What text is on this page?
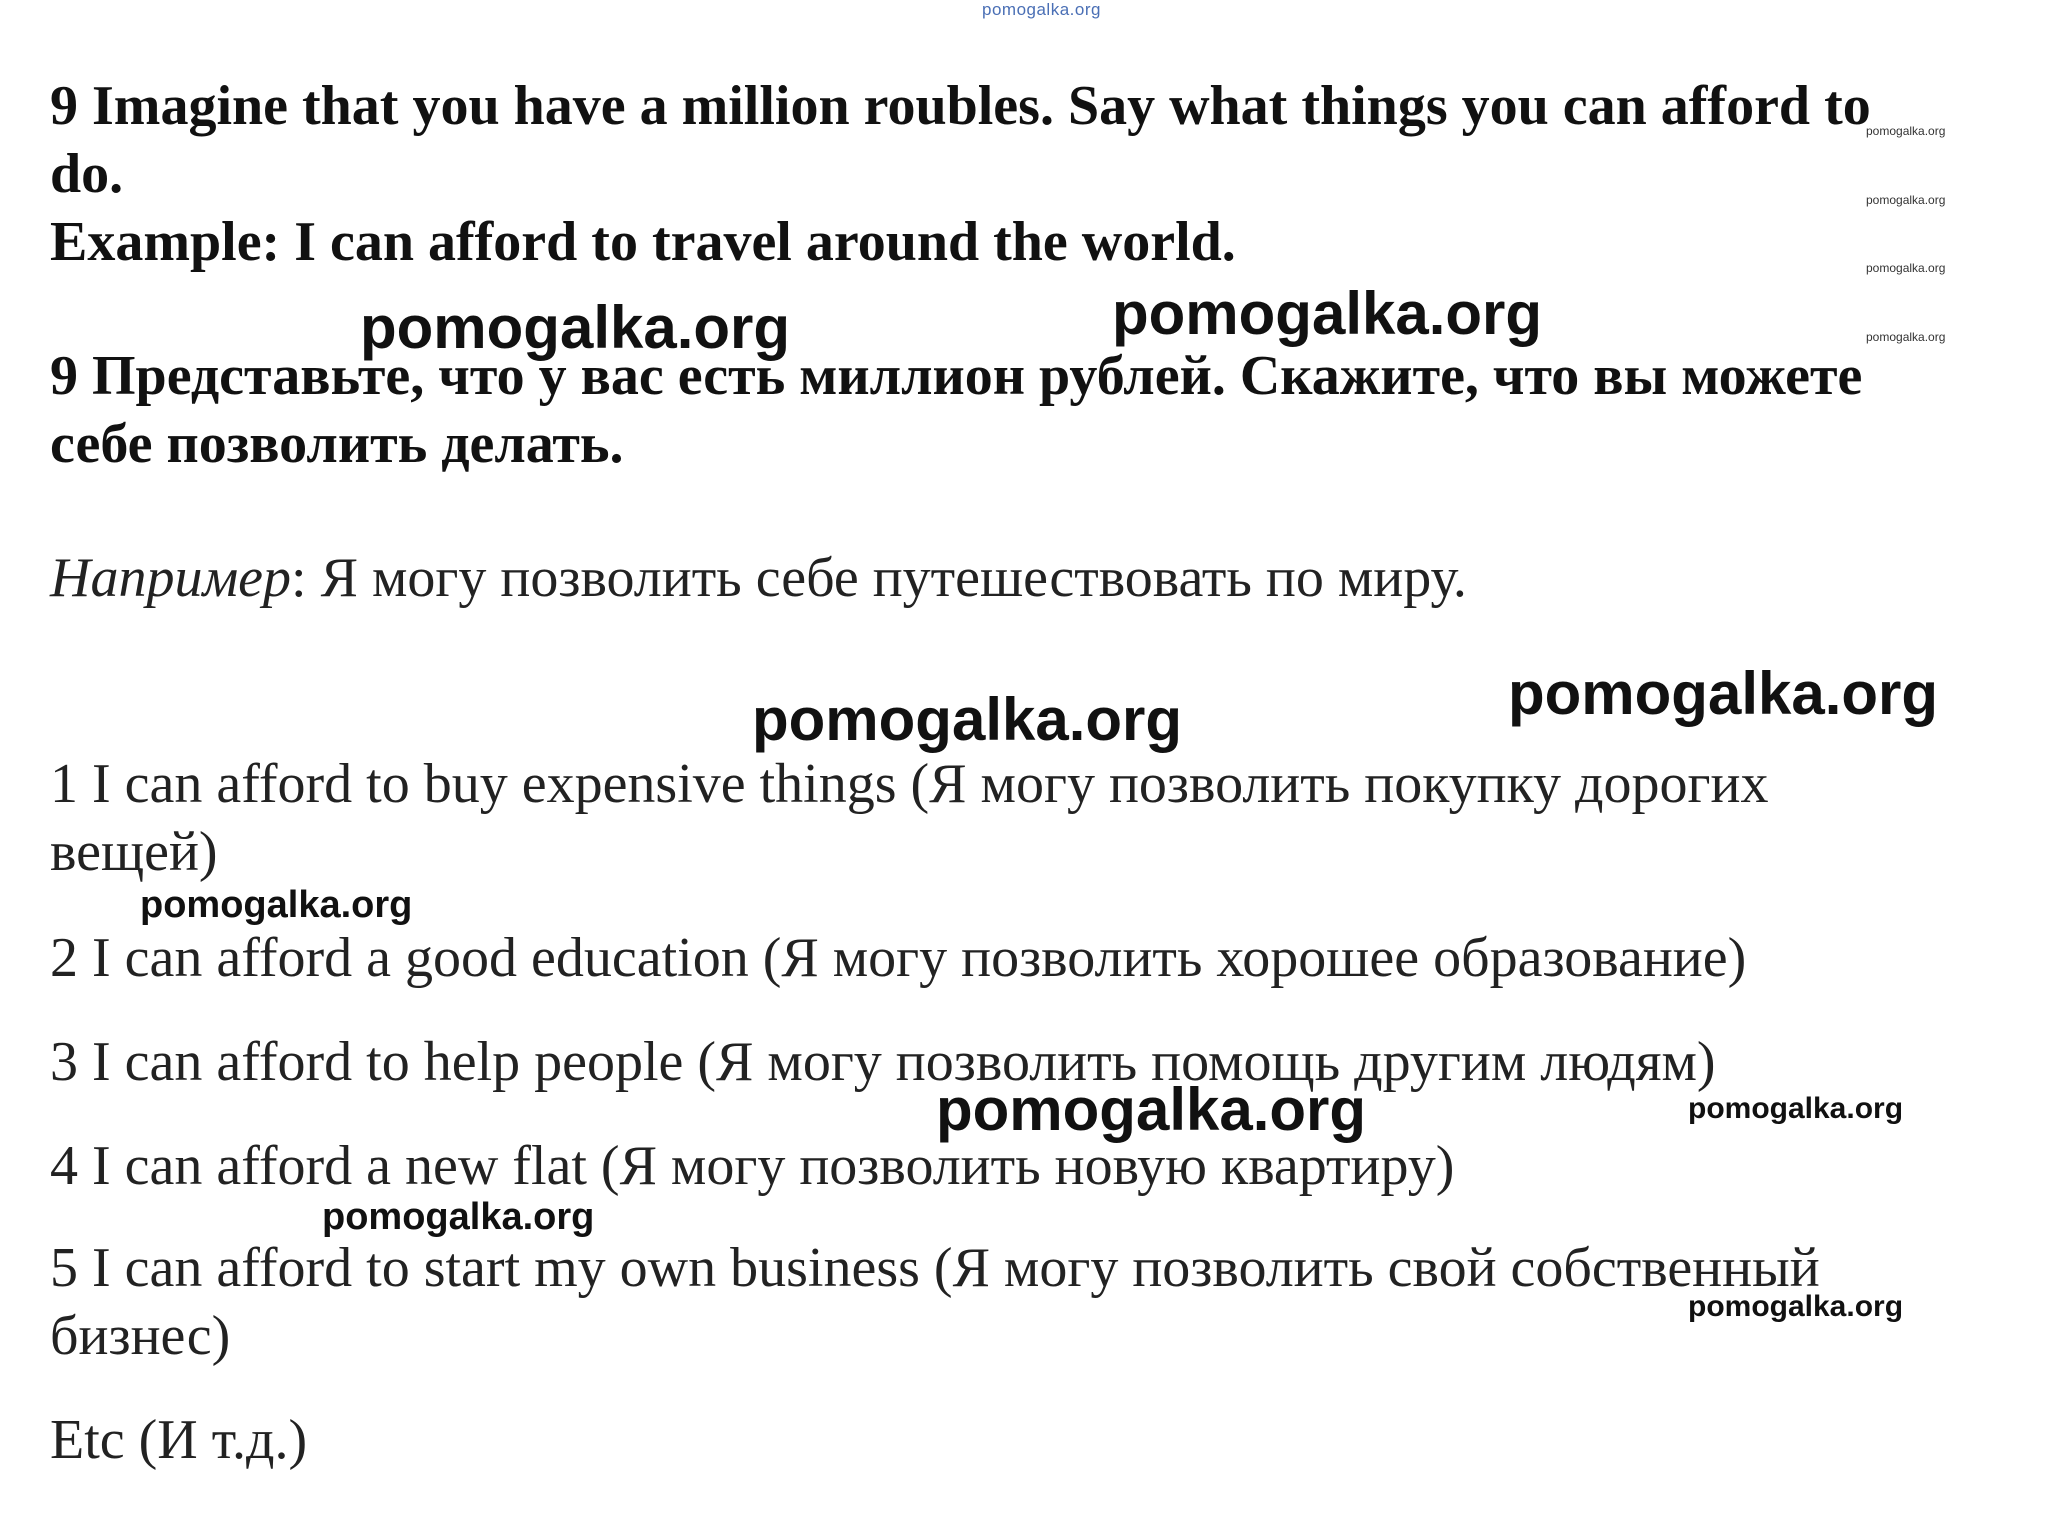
pomogalka.org
9 Imagine that you have a million roubles. Say what things you can afford to
do.
Example: I can afford to travel around the world.
9 Представьте, что у вас есть миллион рублей. Скажите, что вы можете
себе позволить делать.
Например: Я могу позволить себе путешествовать по миру.
1 I can afford to buy expensive things (Я могу позволить покупку дорогих
вещей)
2 I can afford a good education (Я могу позволить хорошее образование)
3 I can afford to help people (Я могу позволить помощь другим людям)
4 I can afford a new flat (Я могу позволить новую квартиру)
5 I can afford to start my own business (Я могу позволить свой собственный
бизнес)
Etc (И т.д.)
pomogalka.org	pomogalka.org
pomogalka.org	pomogalka.org
pomogalka.org
pomogalka.org	pomogalka.org
pomogalka.org
pomogalka.org
pomogalka.org
pomogalka.org
pomogalka.org
pomogalka.org
